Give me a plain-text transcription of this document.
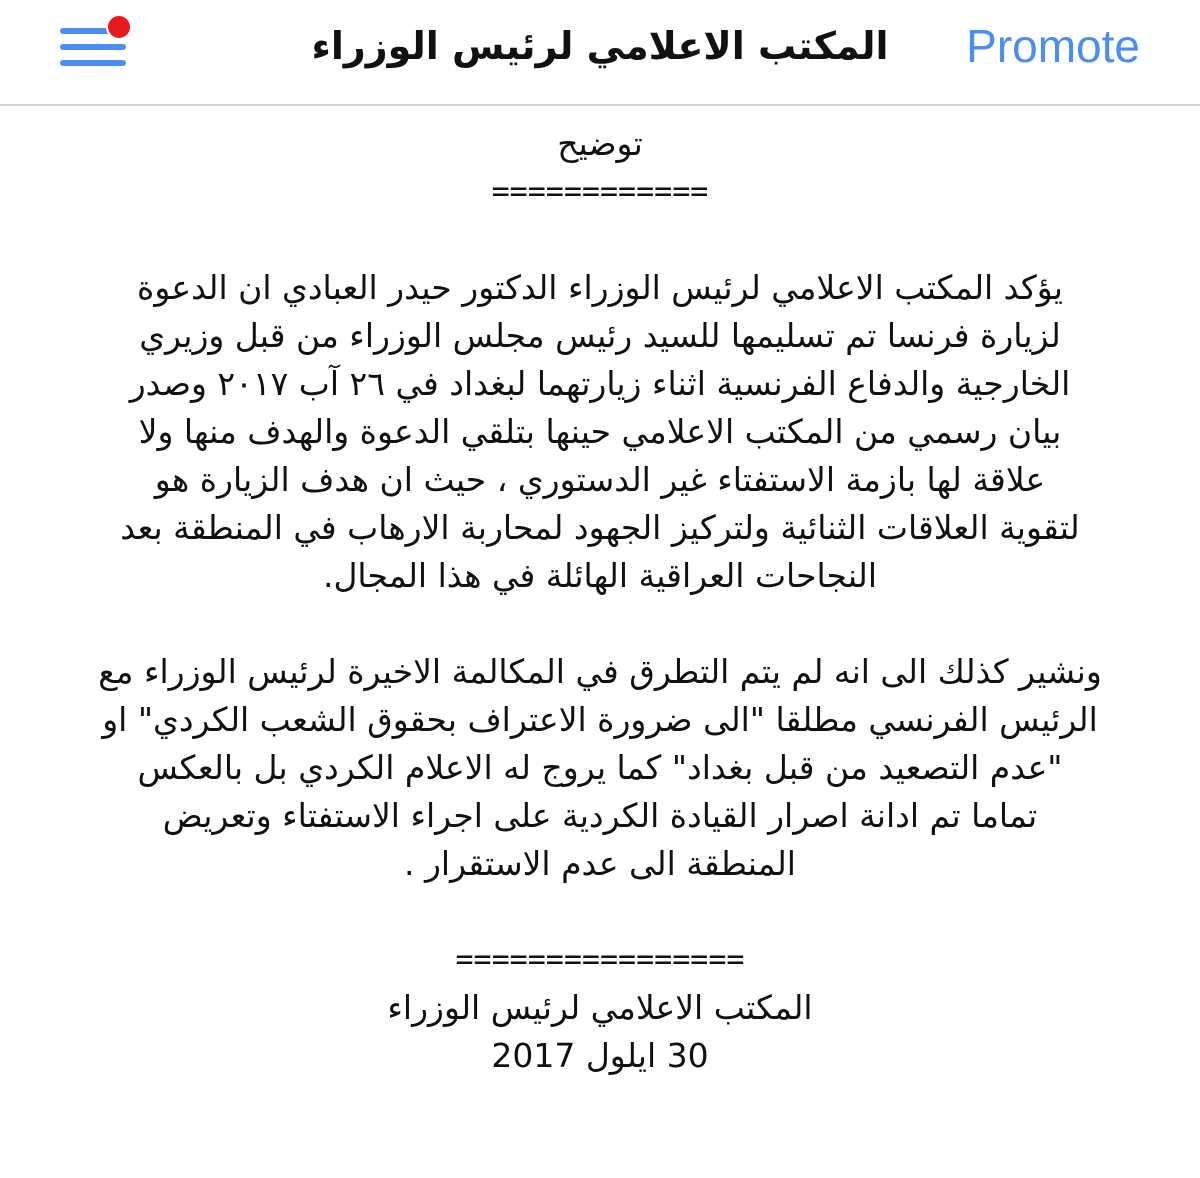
المكتب الاعلامي لرئيس الوزراء	Promote
توضيح
============
يؤكد المكتب الاعلامي لرئيس الوزراء الدكتور حيدر العبادي ان الدعوة
لزيارة فرنسا تم تسليمها للسيد رئيس مجلس الوزراء من قبل وزيري
الخارجية والدفاع الفرنسية اثناء زيارتهما لبغداد في ٢٦ آب ٢٠١٧ وصدر
بيان رسمي من المكتب الاعلامي حينها بتلقي الدعوة والهدف منها ولا
علاقة لها بازمة الاستفتاء غير الدستوري ، حيث ان هدف الزيارة هو
لتقوية العلاقات الثنائية ولتركيز الجهود لمحاربة الارهاب في المنطقة بعد
النجاحات العراقية الهائلة في هذا المجال.
ونشير كذلك الى انه لم يتم التطرق في المكالمة الاخيرة لرئيس الوزراء مع
الرئيس الفرنسي مطلقا "الى ضرورة الاعتراف بحقوق الشعب الكردي" او
"عدم التصعيد من قبل بغداد" كما يروج له الاعلام الكردي بل بالعكس
تماما تم ادانة اصرار القيادة الكردية على اجراء الاستفتاء وتعريض
المنطقة الى عدم الاستقرار .
================
المكتب الاعلامي لرئيس الوزراء
30 ايلول 2017
